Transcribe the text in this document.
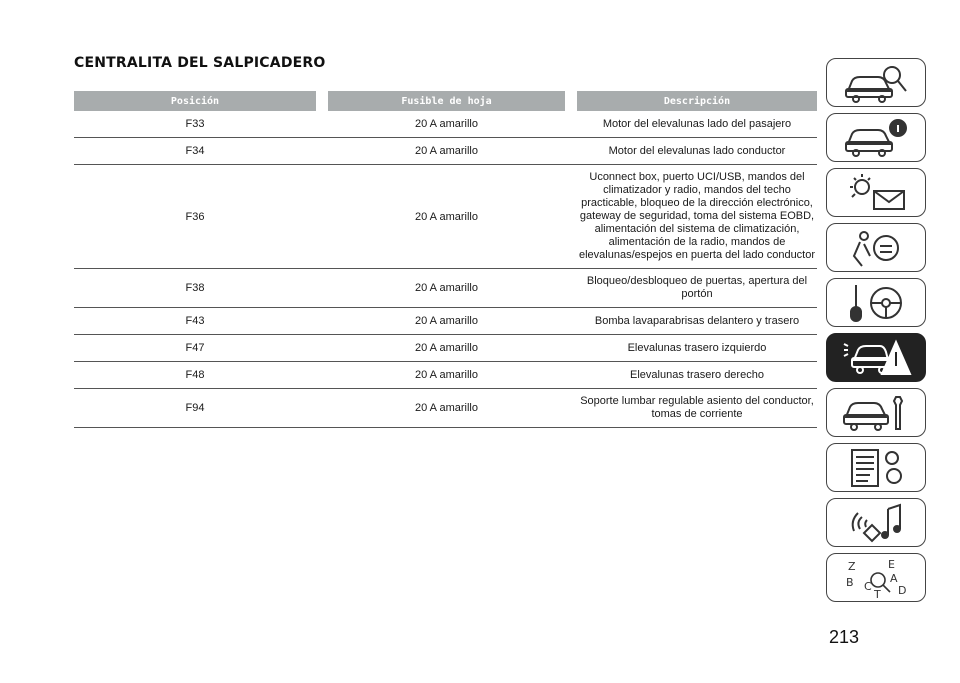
CENTRALITA DEL SALPICADERO
Posición		Fusible de hoja		Descripción
F33		20 A amarillo		Motor del elevalunas lado del pasajero
F34		20 A amarillo		Motor del elevalunas lado conductor
F36		20 A amarillo		Uconnect box, puerto UCI/USB, mandos del climatizador y radio, mandos del techo practicable, bloqueo de la dirección electrónico, gateway de seguridad, toma del sistema EOBD, alimentación del sistema de climatización, alimentación de la radio, mandos de elevalunas/espejos en puerta del lado conductor
F38		20 A amarillo		Bloqueo/desbloqueo de puertas, apertura del portón
F43		20 A amarillo		Bomba lavaparabrisas delantero y trasero
F47		20 A amarillo		Elevalunas trasero izquierdo
F48		20 A amarillo		Elevalunas trasero derecho
F94		20 A amarillo		Soporte lumbar regulable asiento del conductor, tomas de corriente
Z	E
B	A
C D
T
213
